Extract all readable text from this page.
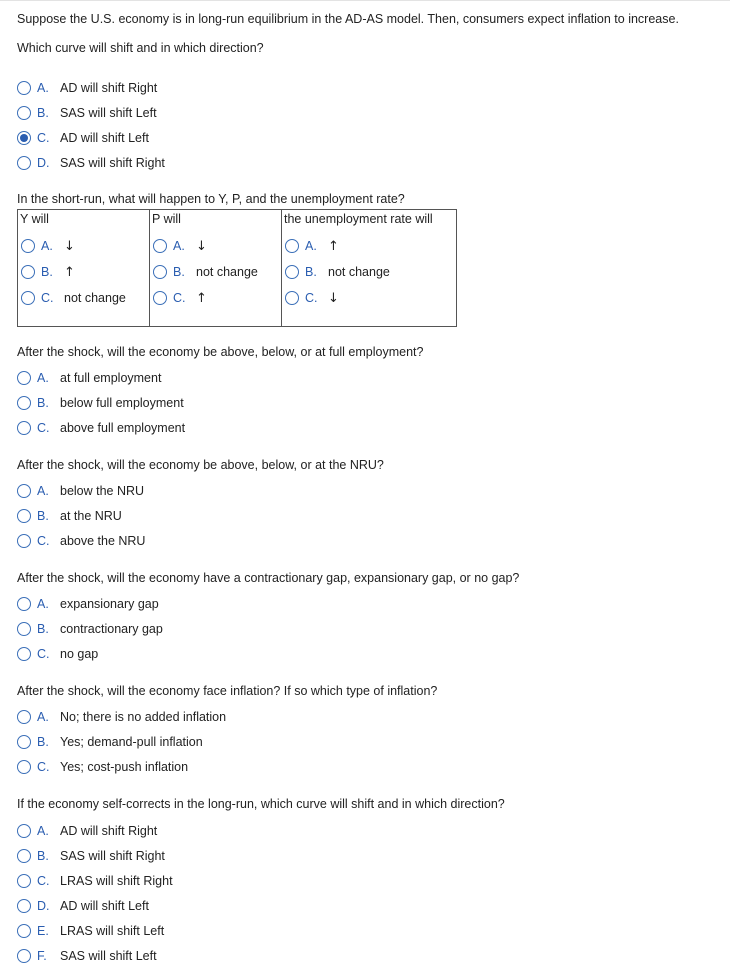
Suppose the U.S. economy is in long-run equilibrium in the AD-AS model. Then, consumers expect inflation to increase.
Which curve will shift and in which direction?
A. AD will shift Right
B. SAS will shift Left
C. AD will shift Left
D. SAS will shift Right
In the short-run, what will happen to Y, P, and the unemployment rate?
Y will
A. ↓
B. ↑
C. not change
P will
A. ↓
B. not change
C. ↑
the unemployment rate will
A. ↑
B. not change
C. ↓
After the shock, will the economy be above, below, or at full employment?
A. at full employment
B. below full employment
C. above full employment
After the shock, will the economy be above, below, or at the NRU?
A. below the NRU
B. at the NRU
C. above the NRU
After the shock, will the economy have a contractionary gap, expansionary gap, or no gap?
A. expansionary gap
B. contractionary gap
C. no gap
After the shock, will the economy face inflation? If so which type of inflation?
A. No; there is no added inflation
B. Yes; demand-pull inflation
C. Yes; cost-push inflation
If the economy self-corrects in the long-run, which curve will shift and in which direction?
A. AD will shift Right
B. SAS will shift Right
C. LRAS will shift Right
D. AD will shift Left
E. LRAS will shift Left
F.	SAS will shift Left
